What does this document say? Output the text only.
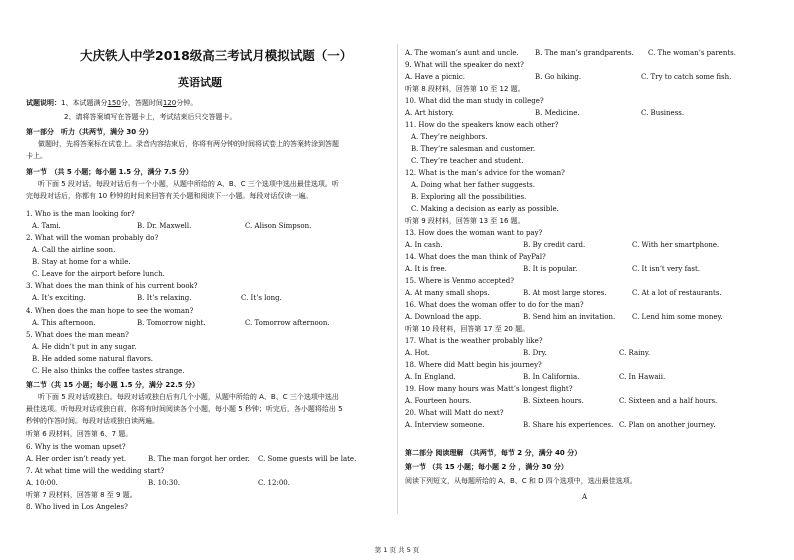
大庆铁人中学2018级高三考试月模拟试题（一）
英语试题
试题说明：1、本试题满分150分，答题时间120分钟。
2、请将答案填写在答题卡上，考试结束后只交答题卡。
第一部分　听力（共两节，满分 30 分）
做题时，先将答案标在试卷上。录音内容结束后，你将有两分钟的时间将试卷上的答案转涂到答题
卡上。
第一节　（共 5 小题；每小题 1.5 分，满分 7.5 分）
听下面 5 段对话。每段对话后有一个小题，从题中所给的 A、B、C 三个选项中选出最佳选项。听
完每段对话后，你都有 10 秒钟的时间来回答有关小题和阅读下一小题。每段对话仅读一遍。
1. Who is the man looking for?
A. Tami.	B. Dr. Maxwell.	C. Alison Simpson.
2. What will the woman probably do?
A. Call the airline soon.
B. Stay at home for a while.
C. Leave for the airport before lunch.
3. What does the man think of his current book?
A. It’s exciting.	B. It’s relaxing.	C. It’s long.
4. When does the man hope to see the woman?
A. This afternoon.	B. Tomorrow night.	C. Tomorrow afternoon.
5. What does the man mean?
A. He didn’t put in any sugar.
B. He added some natural flavors.
C. He also thinks the coffee tastes strange.
第二节（共 15 小题；每小题 1.5 分，满分 22.5 分）
听下面 5 段对话或独白。每段对话或独白后有几个小题，从题中所给的 A、B、C 三个选项中选出
最佳选项。听每段对话或独白前，你将有时间阅读各个小题，每小题 5 秒钟；听完后，各小题将给出 5
秒钟的作答时间。每段对话或独白读两遍。
听第 6 段材料，回答第 6、7 题。
6. Why is the woman upset?
A. Her order isn’t ready yet.	B. The man forgot her order. C. Some guests will be late.
7. At what time will the wedding start?
A. 10:00.	B. 10:30.	C. 12:00.
听第 7 段材料，回答第 8 至 9 题。
8. Who lived in Los Angeles?
A. The woman’s aunt and uncle. B. The man’s grandparents. C. The woman’s parents.
9. What will the speaker do next?
A. Have a picnic.	B. Go hiking.	C. Try to catch some fish.
听第 8 段材料，回答第 10 至 12 题。
10. What did the man study in college?
A. Art history.	B. Medicine.	C. Business.
11. How do the speakers know each other?
A. They’re neighbors.
B. They’re salesman and customer.
C. They’re teacher and student.
12. What is the man’s advice for the woman?
A. Doing what her father suggests.
B. Exploring all the possibilities.
C. Making a decision as early as possible.
听第 9 段材料，回答第 13 至 16 题。
13. How does the woman want to pay?
A. In cash.	B. By credit card.	C. With her smartphone.
14. What does the man think of PayPal?
A. It is free.	B. It is popular.	C. It isn’t very fast.
15. Where is Venmo accepted?
A. At many small shops.	B. At most large stores.	C. At a lot of restaurants.
16. What does the woman offer to do for the man?
A. Download the app.	B. Send him an invitation. C. Lend him some money.
听第 10 段材料，回答第 17 至 20 题。
17. What is the weather probably like?
A. Hot.	B. Dry.	C. Rainy.
18. Where did Matt begin his journey?
A. In England.	B. In California.	C. In Hawaii.
19. How many hours was Matt’s longest flight?
A. Fourteen hours.	B. Sixteen hours.	C. Sixteen and a half hours.
20. What will Matt do next?
A. Interview someone.	B. Share his experiences. C. Plan on another journey.
第二部分 阅读理解 （共两节，每节 2 分，满分 40 分）
第一节 （共 15 小题；每小题 2 分 ，满分 30 分）
阅读下列短文，从每题所给的 A、B、C 和 D 四个选项中，选出最佳选项。
A
第 1 页 共 5 页
